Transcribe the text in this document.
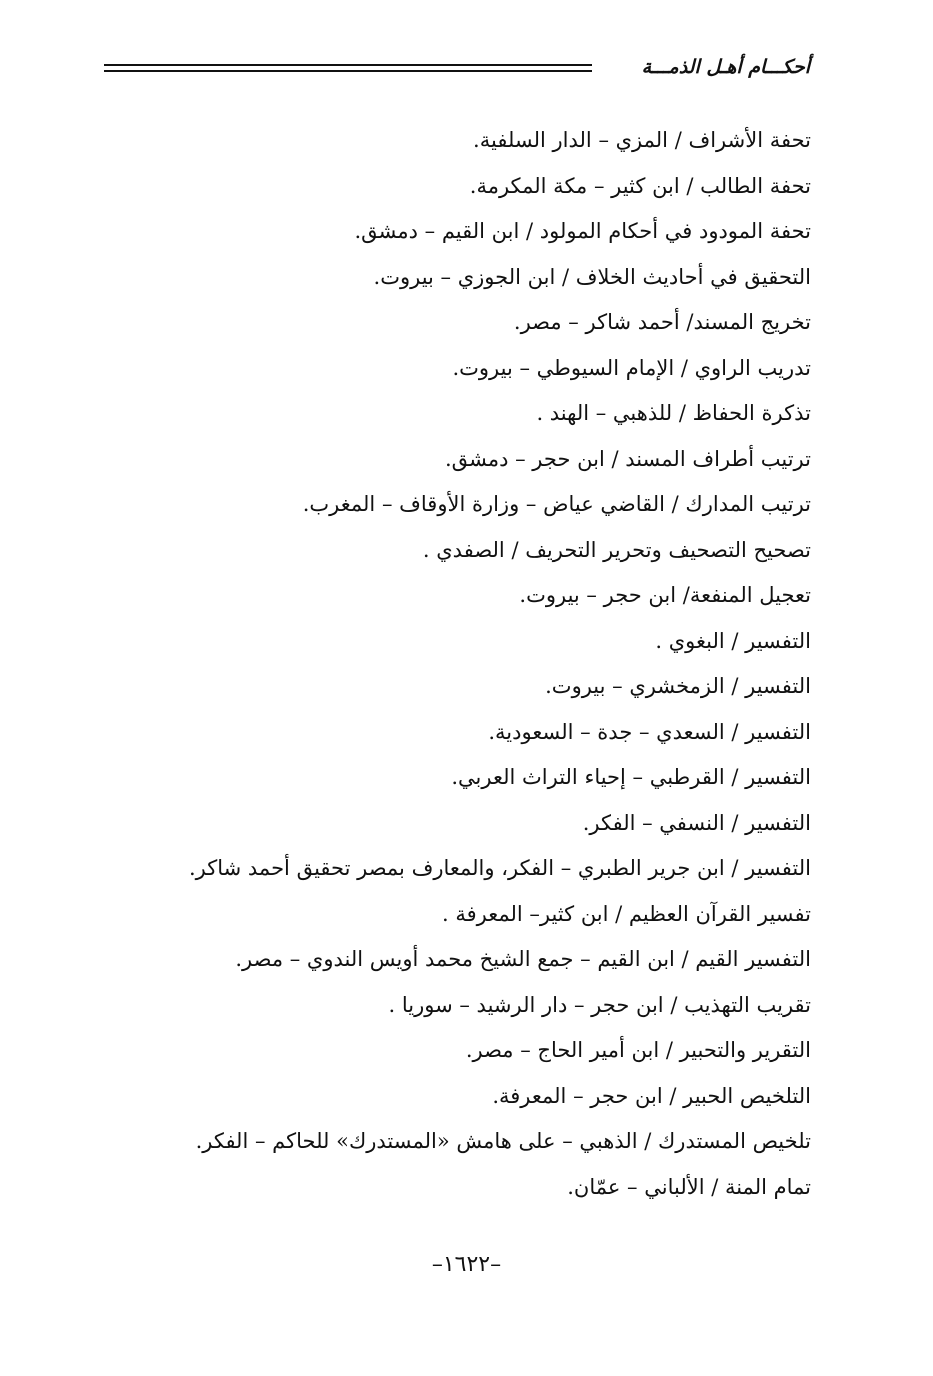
أحكـــام أهـل الذمـــة
تحفة الأشراف / المزي – الدار السلفية.
تحفة الطالب / ابن كثير – مكة المكرمة.
تحفة المودود في أحكام المولود / ابن القيم – دمشق.
التحقيق في أحاديث الخلاف / ابن الجوزي – بيروت.
تخريج المسند/ أحمد شاكر – مصر.
تدريب الراوي / الإمام السيوطي – بيروت.
تذكرة الحفاظ / للذهبي – الهند .
ترتيب أطراف المسند / ابن حجر – دمشق.
ترتيب المدارك / القاضي عياض – وزارة الأوقاف – المغرب.
تصحيح التصحيف وتحرير التحريف / الصفدي .
تعجيل المنفعة/ ابن حجر – بيروت.
التفسير / البغوي .
التفسير / الزمخشري – بيروت.
التفسير / السعدي – جدة – السعودية.
التفسير / القرطبي – إحياء التراث العربي.
التفسير / النسفي – الفكر.
التفسير / ابن جرير الطبري – الفكر، والمعارف بمصر تحقيق أحمد شاكر.
تفسير القرآن العظيم / ابن كثير– المعرفة .
التفسير القيم / ابن القيم – جمع الشيخ محمد أويس الندوي – مصر.
تقريب التهذيب / ابن حجر – دار الرشيد – سوريا .
التقرير والتحبير / ابن أمير الحاج – مصر.
التلخيص الحبير / ابن حجر – المعرفة.
تلخيص المستدرك / الذهبي – على هامش «المستدرك» للحاكم – الفكر.
تمام المنة / الألباني – عمّان.
–١٦٢٢–
